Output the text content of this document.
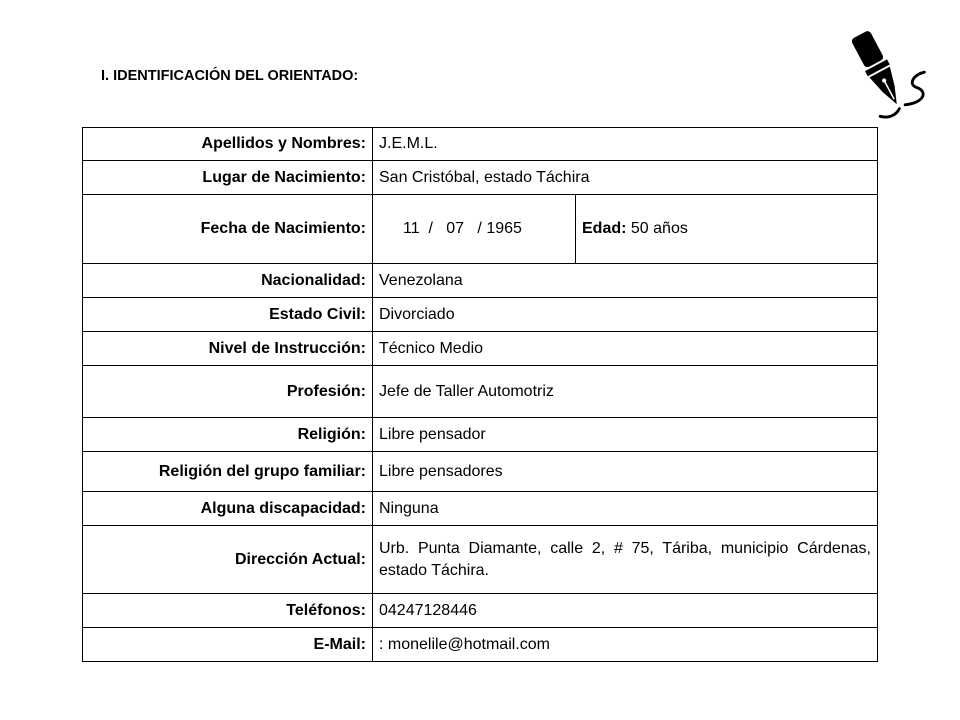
I. IDENTIFICACIÓN DEL ORIENTADO:
Apellidos y Nombres:	J.E.M.L.	
Lugar de Nacimiento:	San Cristóbal, estado Táchira	
Fecha de Nacimiento:	11  /   07   / 1965	Edad: 50 años
Nacionalidad:	Venezolana	
Estado Civil:	Divorciado	
Nivel de Instrucción:	Técnico Medio	
Profesión:	Jefe de Taller Automotriz	
Religión:	Libre pensador	
Religión del grupo familiar:	Libre pensadores	
Alguna discapacidad:	Ninguna	
Dirección Actual:	Urb. Punta Diamante, calle 2, # 75, Táriba, municipio Cárdenas, estado Táchira.	
Teléfonos:	04247128446	
E-Mail:	: monelile@hotmail.com	
